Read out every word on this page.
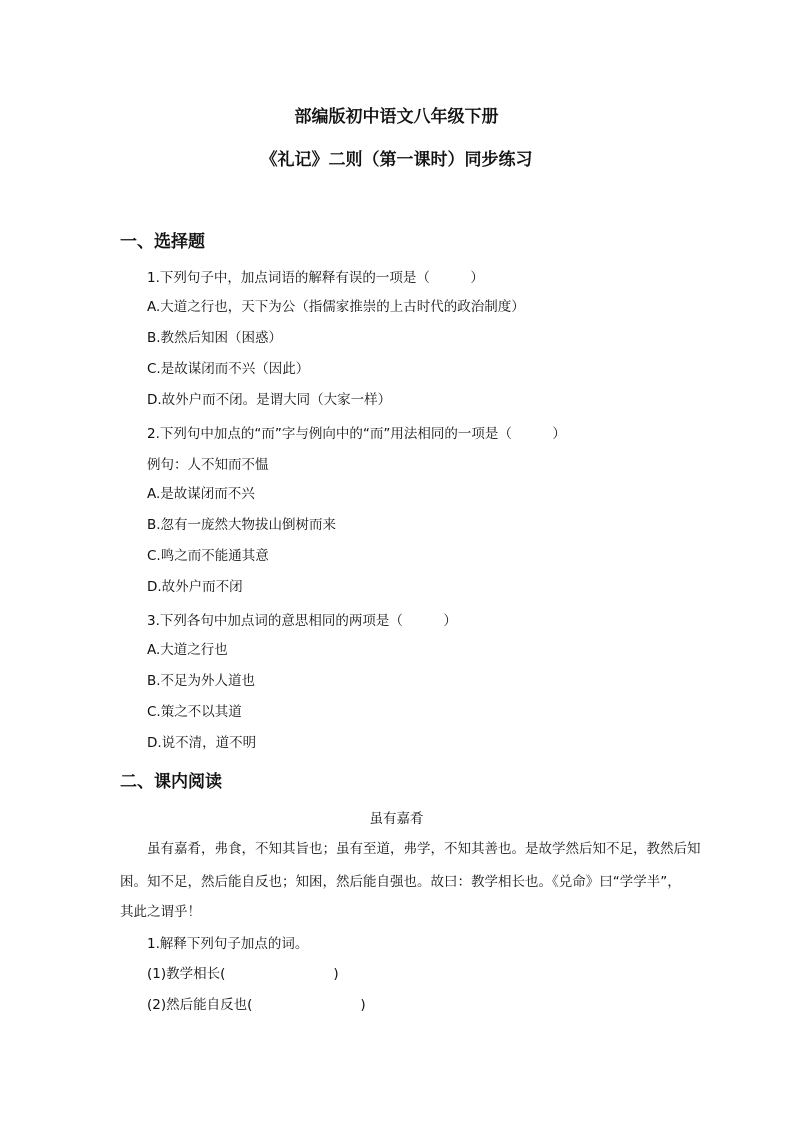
部编版初中语文八年级下册
《礼记》二则（第一课时）同步练习
一、选择题
1.下列句子中，加点词语的解释有误的一项是（　　　）
A.大道之行也，天下为公（指儒家推崇的上古时代的政治制度）
B.教然后知困（困惑）
C.是故谋闭而不兴（因此）
D.故外户而不闭。是谓大同（大家一样）
2.下列句中加点的“而”字与例向中的“而”用法相同的一项是（　　　）
例句：人不知而不愠
A.是故谋闭而不兴
B.忽有一庞然大物拔山倒树而来
C.鸣之而不能通其意
D.故外户而不闭
3.下列各句中加点词的意思相同的两项是（　　　）
A.大道之行也
B.不足为外人道也
C.策之不以其道
D.说不清，道不明
二、课内阅读
虽有嘉肴
虽有嘉肴，弗食，不知其旨也；虽有至道，弗学，不知其善也。是故学然后知不足，教然后知
困。知不足，然后能自反也；知困，然后能自强也。故曰：教学相长也。《兑命》曰“学学半”，
其此之谓乎！
1.解释下列句子加点的词。
(1)教学相长(　　　　　　　　)
(2)然后能自反也(　　　　　　　　)
